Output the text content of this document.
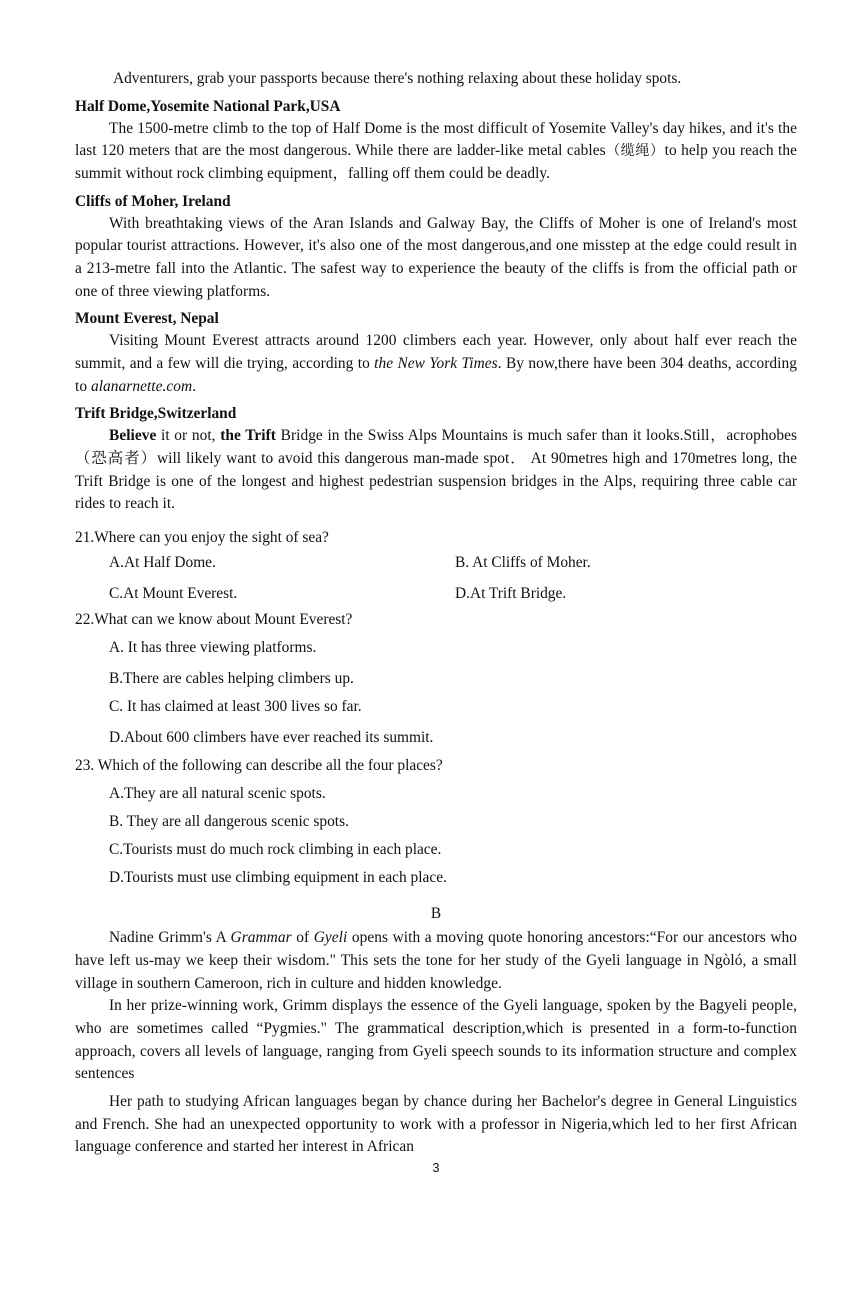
Adventurers, grab your passports because there's nothing relaxing about these holiday spots.

Half Dome,Yosemite National Park,USA

The 1500-metre climb to the top of Half Dome is the most difficult of Yosemite Valley's day hikes, and it's the last 120 meters that are the most dangerous. While there are ladder-like metal cables（缆绳）to help you reach the summit without rock climbing equipment，falling off them could be deadly.

Cliffs of Moher, Ireland

With breathtaking views of the Aran Islands and Galway Bay, the Cliffs of Moher is one of Ireland's most popular tourist attractions. However, it's also one of the most dangerous,and one misstep at the edge could result in a 213-metre fall into the Atlantic. The safest way to experience the beauty of the cliffs is from the official path or one of three viewing platforms.

Mount Everest, Nepal

Visiting Mount Everest attracts around 1200 climbers each year. However, only about half ever reach the summit, and a few will die trying, according to the New York Times. By now,there have been 304 deaths, according to alanarnette.com.

Trift Bridge,Switzerland

Believe it or not, the Trift Bridge in the Swiss Alps Mountains is much safer than it looks.Still，acrophobes（恐高者）will likely want to avoid this dangerous man-made spot． At 90metres high and 170metres long, the Trift Bridge is one of the longest and highest pedestrian suspension bridges in the Alps, requiring three cable car rides to reach it.

21.Where can you enjoy the sight of sea?

A.At Half Dome.	B. At Cliffs of Moher.
C.At Mount Everest.	D.At Trift Bridge.

22.What can we know about Mount Everest?

A. It has three viewing platforms.
B.There are cables helping climbers up.
C. It has claimed at least 300 lives so far.
D.About 600 climbers have ever reached its summit.

23. Which of the following can describe all the four places?

A.They are all natural scenic spots.
B. They are all dangerous scenic spots.
C.Tourists must do much rock climbing in each place.
D.Tourists must use climbing equipment in each place.

B

Nadine Grimm's A Grammar of Gyeli opens with a moving quote honoring ancestors:“For our ancestors who have left us-may we keep their wisdom." This sets the tone for her study of the Gyeli language in Ngòló, a small village in southern Cameroon, rich in culture and hidden knowledge.

In her prize-winning work, Grimm displays the essence of the Gyeli language, spoken by the Bagyeli people, who are sometimes called “Pygmies." The grammatical description,which is presented in a form-to-function approach, covers all levels of language, ranging from Gyeli speech sounds to its information structure and complex sentences

Her path to studying African languages began by chance during her Bachelor's degree in General Linguistics and French. She had an unexpected opportunity to work with a professor in Nigeria,which led to her first African language conference and started her interest in African

3
